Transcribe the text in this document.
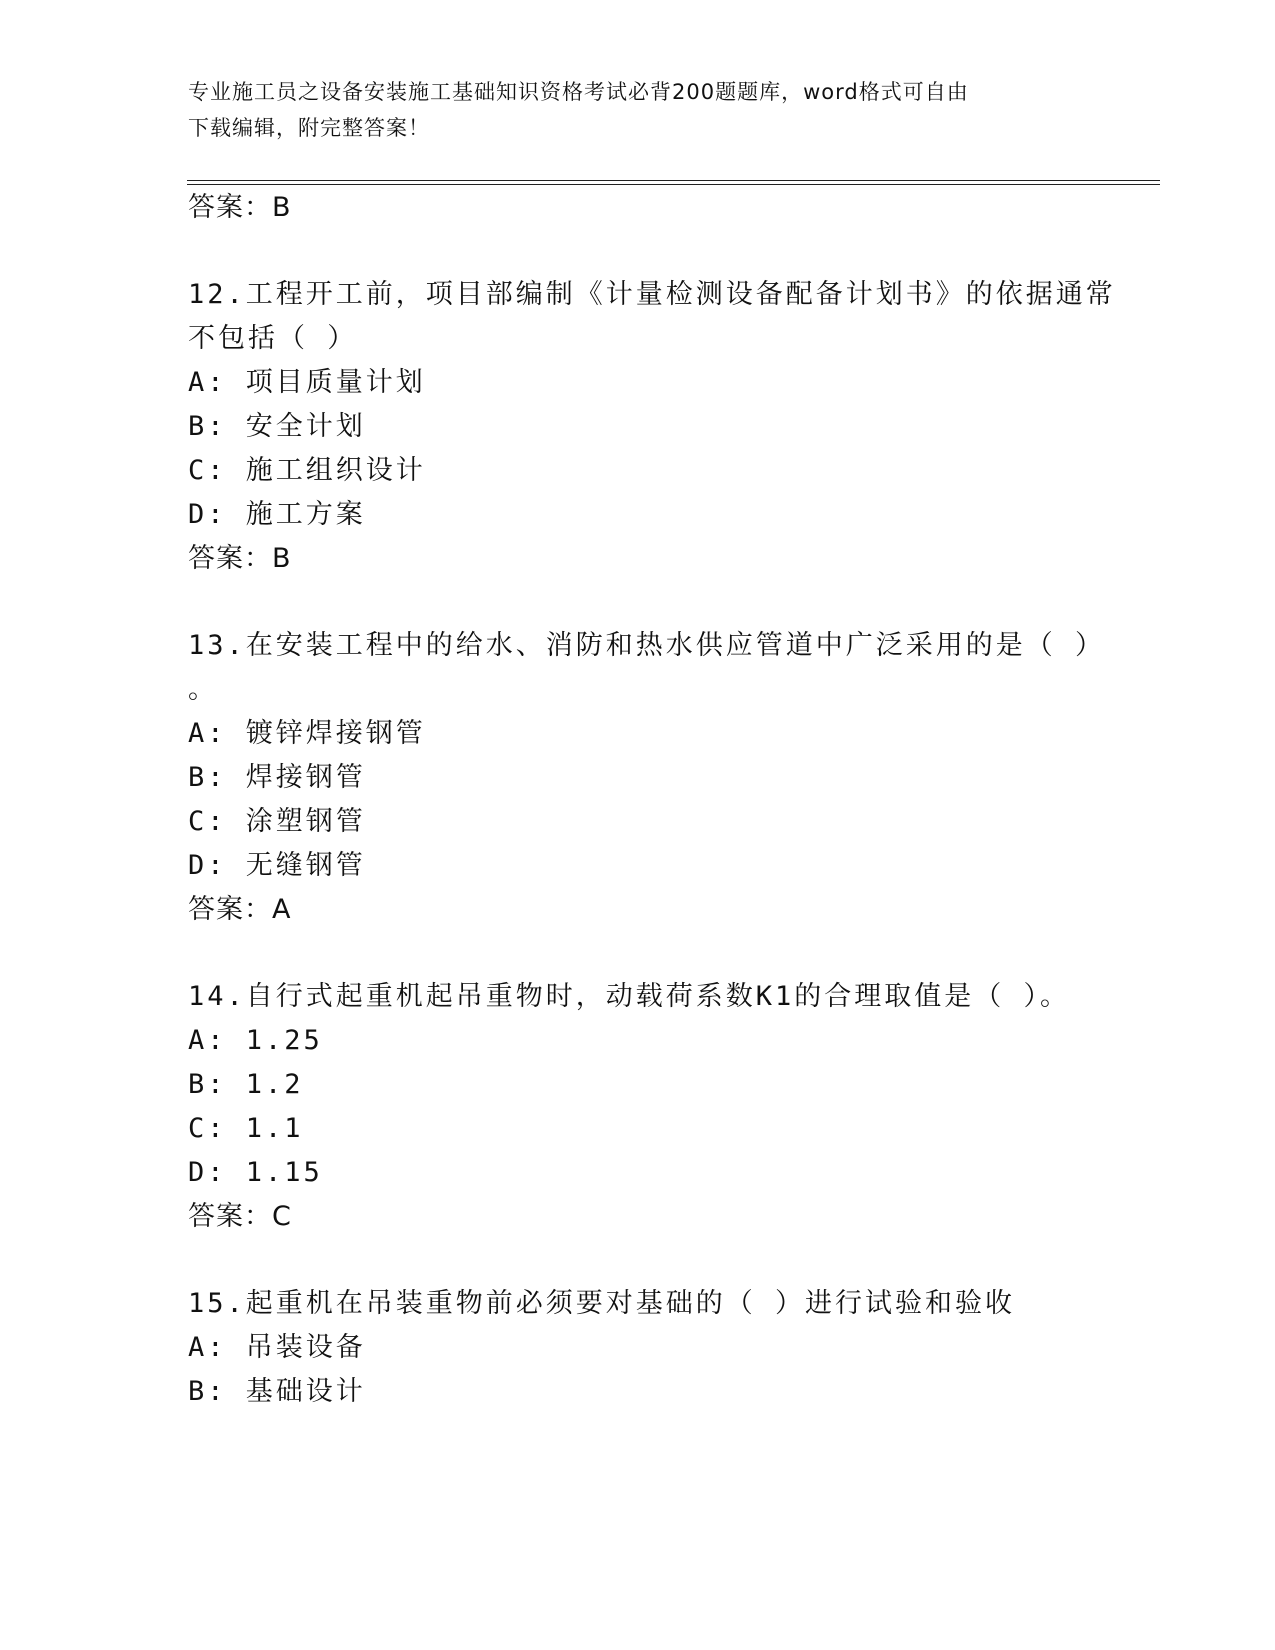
专业施工员之设备安装施工基础知识资格考试必背200题题库，word格式可自由
下载编辑，附完整答案！
答案：B
12.工程开工前，项目部编制《计量检测设备配备计划书》的依据通常
不包括（ ）
A: 项目质量计划
B: 安全计划
C: 施工组织设计
D: 施工方案
答案：B
13.在安装工程中的给水、消防和热水供应管道中广泛采用的是（ ）
。
A: 镀锌焊接钢管
B: 焊接钢管
C: 涂塑钢管
D: 无缝钢管
答案：A
14.自行式起重机起吊重物时，动载荷系数K1的合理取值是（ ）。
A: 1.25
B: 1.2
C: 1.1
D: 1.15
答案：C
15.起重机在吊装重物前必须要对基础的（ ）进行试验和验收
A: 吊装设备
B: 基础设计
